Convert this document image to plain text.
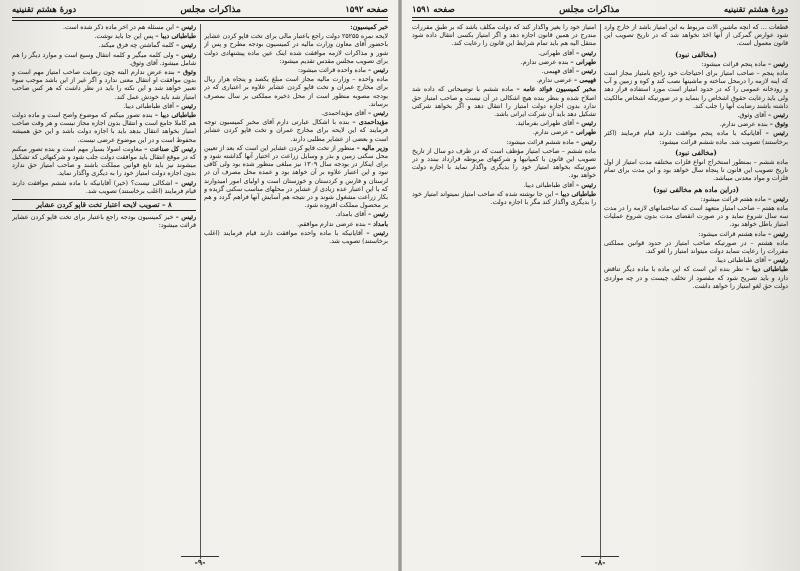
صفحه ۱۵۹۲
مذاکرات مجلس
دورهٔ هشتم تقنینیه

خبر کمیسیون:

لایحه نمره ۲۵۲۵۵ دولت راجع باعتبار مالی برای تخت قاپو کردن عشایر باحضور آقای معاون وزارت ماليه در کمیسیون بودجه مطرح و پس از شور و مذاکرات لازمه موافقت شده اینک عین ماده پیشنهادی دولت برای تصویب مجلس مقدس تقدیم میشود:

رئیس – ماده واحده قرائت میشود:

ماده واحده – وزارت مالیه مجاز است مبلغ یکصد و پنجاه هزار ریال برای مخارج عمران و تخت قاپو کردن عشایر علاوه بر اعتباری که در بودجه مصوبه منظور است از محل ذخیره مملکتی بر سال بمصرف برساند.

رئیس – آقای مؤیداحمدی.

مؤیداحمدی – بنده با اشکال عبارتی دارم آقای مخبر کمیسیون توجه فرمایند که این لایحه برای مخارج عمران و تخت قاپو کردن عشایر است و بعضی از عشایر مطلبی دارند.

وزیر مالیه – منظور از تخت قاپو کردن عشایر این است که بعد از تعیین محل سکنی زمین و بذر و وسایل زراعت در اختیار آنها گذاشته شود و برای اینکار در بودجه سال ۱۳۰۹ نیز مبلغی منظور شده بود ولی کافی نبود و این اعتبار علاوه بر آن خواهد بود و عمده محل مصرف آن در لرستان و فارس و کردستان و خوزستان است و اولیای امور امیدوارند که با این اعتبار عده زیادی از عشایر در محلهای مناسب سکنی گزیده و بکار زراعت مشغول شوند و در نتیجه هم آسایش آنها فراهم گردد و هم بر محصول مملکت افزوده شود.

رئیس – آقای بامداد.

بامداد – بنده عرضی ندارم موافقم.

رئیس – آقایانیکه با ماده واحده موافقت دارند قیام فرمایند (اغلب برخاستند) تصویب شد.

رئیس – این مسئله هم در اخر ماده ذکر شده است.

طباطبائی دیبا – پس این جا باید نوشت.

رئیس – کلمه گماشتن چه فرق میکند.

رئیس – ولی کلمه میگیر و کلمه انتقال وسیع است و موارد دیگر را هم شامل میشود. آقای وثوق.

وثوق – بنده عرض ندارم البته چون رضایت صاحب امتیاز مهم است و بدون موافقت او انتقال معنی ندارد و اگر غیر از این باشد موجب سوء تعبیر خواهد شد و این نکته را باید در نظر داشت که هر کس صاحب امتیاز شد باید خودش عمل کند.

رئیس – آقای طباطبائی دیبا.

طباطبائی دیبا – بنده تصور میکنم که موضوع واضح است و ماده دولت هم کاملا جامع است و انتقال بدون اجازه مجاز نیست و هر وقت صاحب امتیاز بخواهد انتقال بدهد باید با اجازه دولت باشد و این حق همیشه محفوظ است و در این موضوع عرضی نیست.

رئیس کل صناعت – معاونت اصولا بسیار مهم است و بنده تصور میکنم که در موقع انتقال باید موافقت دولت جلب شود و شرکتهائی که تشکیل میشوند نیز باید تابع قوانین مملکت باشند و صاحب امتیاز حق ندارد بدون اجازه دولت امتیاز خود را به دیگری واگذار نماید.

رئیس – اشکالی نیست؟ (خیر) آقایانیکه با ماده ششم موافقت دارند قیام فرمایند (اغلب برخاستند) تصویب شد.

۸ – تصویب لایحه اعتبار تخت قاپو کردن عشایر

رئیس – خبر کمیسیون بودجه راجع باعتبار برای تخت قاپو کردن عشایر قرائت میشود:

-۹-
دورهٔ هشتم تقنینیه
مذاکرات مجلس
صفحه ۱۵۹۱

قطعات ... که آنچه ماشین آلات مربوط به این امتیاز باشد از خارج وارد شود عوارض گمرکی از آنها اخذ نخواهد شد که در تاریخ تصویب این قانون معمول است.

(مخالفی نبود)

رئیس – ماده پنجم قرائت میشود:

ماده پنجم – صاحب امتیاز برای احتیاجات خود راجع بامتیاز مجاز است که اینه لازمه را درمحل ساخته و ماشینها نصب کند و کوه و زمین و آب و رودخانه عمومی را که در حدود امتیاز است مورد استفاده قرار دهد ولی باید رعایت حقوق اشخاص را بنماید و در صورتیکه اشخاص مالکیت داشته باشند رضایت آنها را جلب کند.

رئیس – آقای وثوق.

وثوق – بنده عرضی ندارم.

رئیس – آقایانیکه با ماده پنجم موافقت دارند قیام فرمایند (اکثر برخاستند) تصویب شد. ماده ششم قرائت میشود:

(مخالفی نبود)

ماده ششم – بمنظور استخراج انواع فلزات مختلفه مدت امتیاز از اول تاریخ تصویب این قانون تا پنجاه سال خواهد بود و این مدت برای تمام فلزات و مواد معدنی میباشد.

(دراین ماده هم مخالفی نبود)

رئیس – ماده هفتم قرائت میشود:

ماده هفتم – صاحب امتیاز متعهد است که ساختمانهای لازمه را در مدت سه سال شروع نماید و در صورت انقضای مدت بدون شروع عملیات امتیاز باطل خواهد بود.

رئیس – ماده هشتم قرائت میشود:

ماده هشتم – در صورتیکه صاحب امتیاز در حدود قوانین مملکتی مقررات را رعایت ننماید دولت میتواند امتیاز را لغو کند.

رئیس – آقای طباطبائی دیبا.

طباطبائی دیبا – نظر بنده این است که این ماده با ماده دیگر تناقض دارد و باید تصریح شود که مقصود از تخلف چیست و در چه مواردی دولت حق لغو امتیاز را خواهد داشت.

امتیاز خود را بغیر واگذار کند که دولت مکلف باشد که بر طبق مقررات مندرج در همین قانون اجازه دهد و اگر امتیاز بکسی انتقال داده شود منتقل الیه هم باید تمام شرایط این قانون را رعایت کند.

رئیس – آقای طهرانی.

طهرانی – بنده عرضی ندارم.

رئیس – آقای فهیمی.

فهیمی – عرضی ندارم.

مخبر کمیسیون فوائد عامه – ماده ششم با توضیحاتی که داده شد اصلاح شده و بنظر بنده هیچ اشکالی در آن نیست و صاحب امتیاز حق ندارد بدون اجازه دولت امتیاز را انتقال دهد و اگر بخواهد شرکتی تشکیل دهد باید آن شرکت ایرانی باشد.

رئیس – آقای طهرانی بفرمائید.

طهرانی – عرضی ندارم.

رئیس – ماده ششم قرائت میشود:

ماده ششم – صاحب امتیاز مؤظف است که در ظرف دو سال از تاریخ تصویب این قانون با کمپانیها و شرکتهای مربوطه قرارداد ببندد و در صورتیکه بخواهد امتیاز خود را بدیگری واگذار نماید با اجازه دولت خواهد بود.

رئیس – آقای طباطبائی دیبا.

طباطبائی دیبا – این جا نوشته شده که صاحب امتیاز نمیتواند امتیاز خود را بدیگری واگذار کند مگر با اجازه دولت.

-۸-
